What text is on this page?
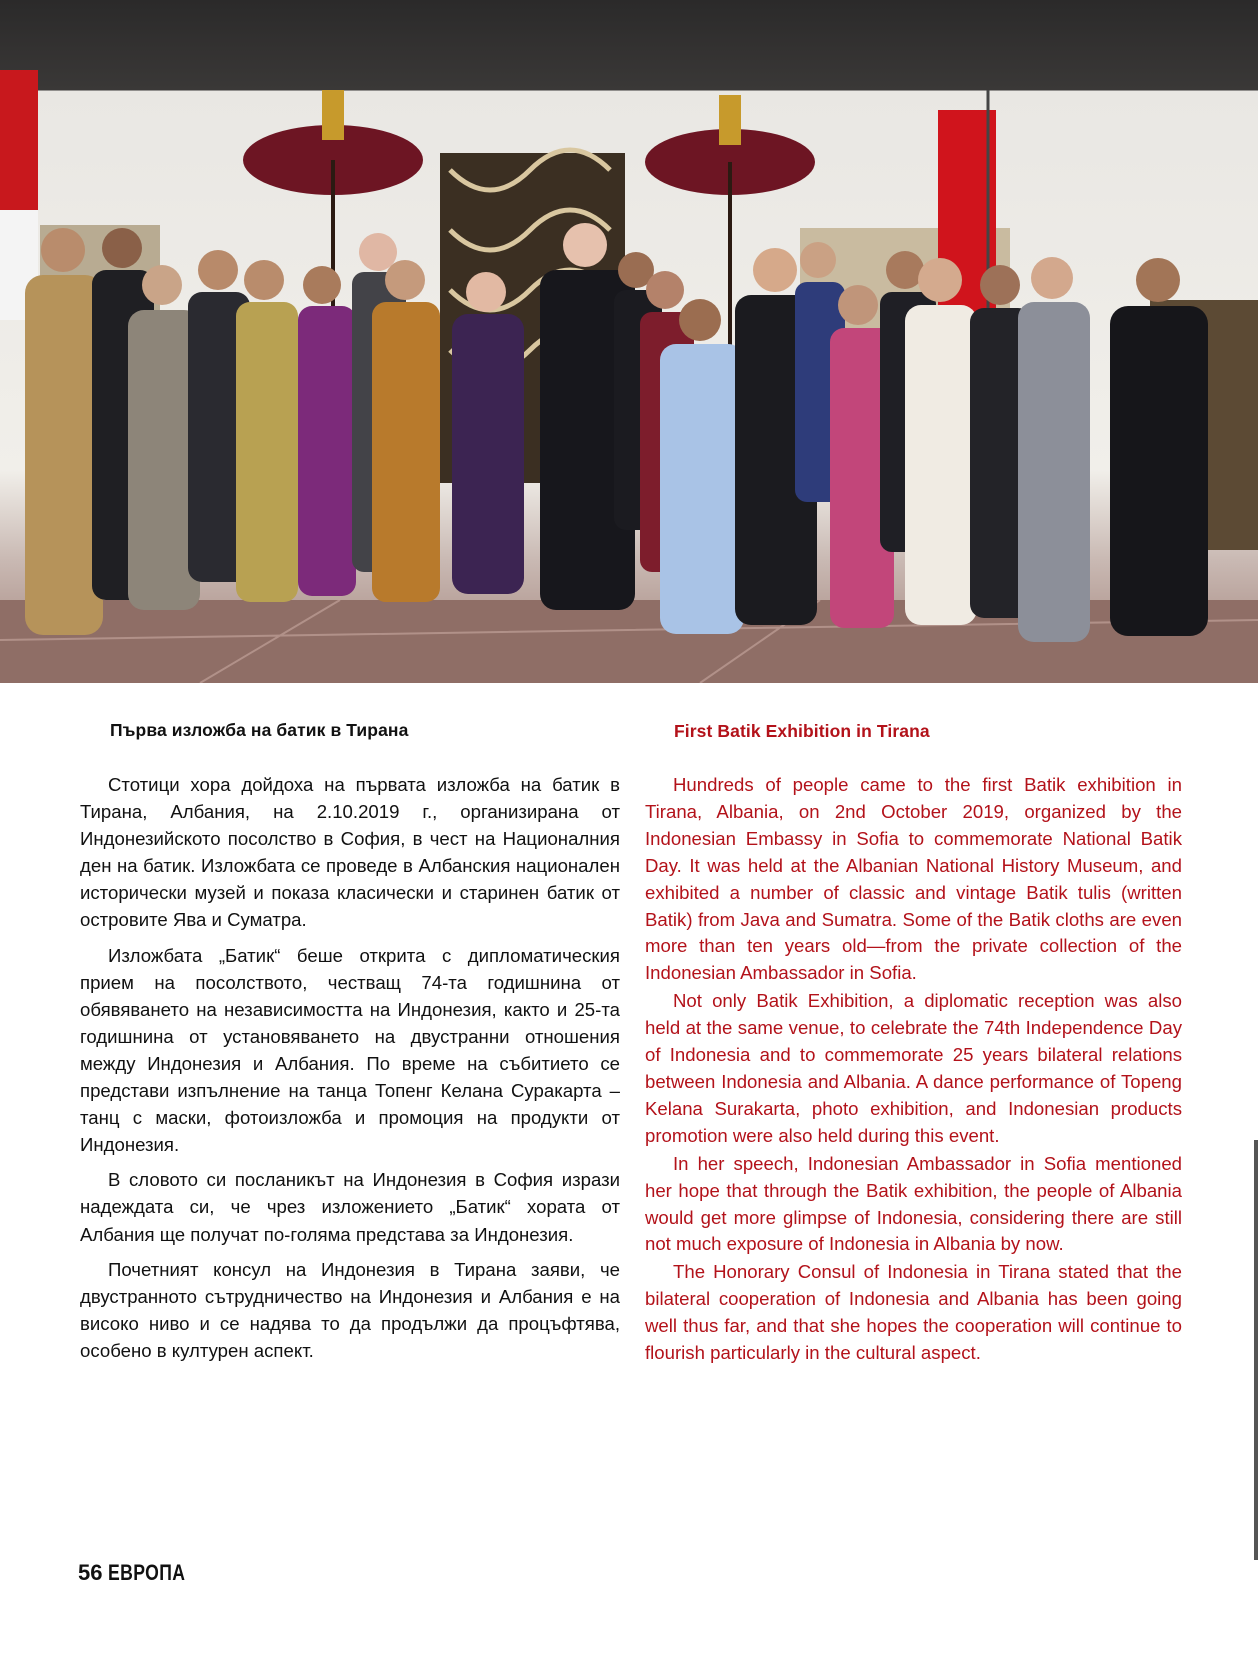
Първа изложба на батик в Тирана

Стотици хора дойдоха на първата изложба на батик в Тирана, Албания, на 2.10.2019 г., организирана от Индонезийското посолство в София, в чест на Националния ден на батик. Изложбата се проведе в Албанския национален исторически музей и показа класически и старинен батик от островите Ява и Суматра.

Изложбата „Батик“ беше открита с дипломатическия прием на посолството, честващ 74-та годишнина от обявяването на независимостта на Индонезия, както и 25-та годишнина от установяването на двустранни отношения между Индонезия и Албания. По време на събитието се представи изпълнение на танца Топенг Келана Суракарта – танц с маски, фотоизложба и промоция на продукти от Индонезия.

В словото си посланикът на Индонезия в София изрази надеждата си, че чрез изложението „Батик“ хората от Албания ще получат по-голяма представа за Индонезия.

Почетният консул на Индонезия в Тирана заяви, че двустранното сътрудничество на Индонезия и Албания е на високо ниво и се надява то да продължи да процъфтява, особено в културен аспект.

First Batik Exhibition in Tirana

Hundreds of people came to the first Batik exhibition in Tirana, Albania, on 2nd October 2019, organized by the Indonesian Embassy in Sofia to commemorate National Batik Day. It was held at the Albanian National History Museum, and exhibited a number of classic and vintage Batik tulis (written Batik) from Java and Sumatra. Some of the Batik cloths are even more than ten years old—from the private collection of the Indonesian Ambassador in Sofia.

Not only Batik Exhibition, a diplomatic reception was also held at the same venue, to celebrate the 74th Independence Day of Indonesia and to commemorate 25 years bilateral relations between Indonesia and Albania. A dance performance of Topeng Kelana Surakarta, photo exhibition, and Indonesian products promotion were also held during this event.

In her speech, Indonesian Ambassador in Sofia mentioned her hope that through the Batik exhibition, the people of Albania would get more glimpse of Indonesia, considering there are still not much exposure of Indonesia in Albania by now.

The Honorary Consul of Indonesia in Tirana stated that the bilateral cooperation of Indonesia and Albania has been going well thus far, and that she hopes the cooperation will continue to flourish particularly in the cultural aspect.

56 ЕВРОПА
